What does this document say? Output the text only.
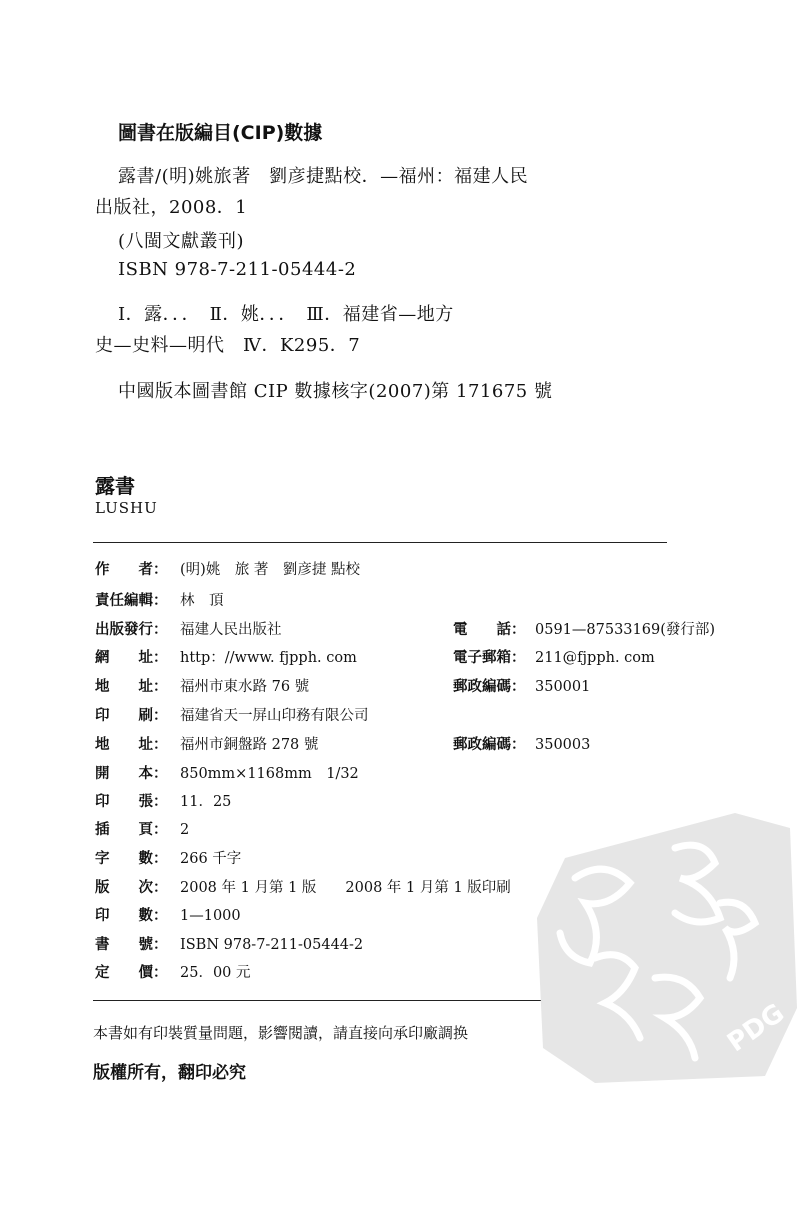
圖書在版編目(CIP)數據
露書/(明)姚旅著　劉彦捷點校．—福州：福建人民
出版社，2008．1
(八閩文獻叢刊)
ISBN 978-7-211-05444-2
Ⅰ．露．．．　Ⅱ．姚．．．　Ⅲ．福建省—地方
史—史料—明代　Ⅳ．K295．7
中國版本圖書館 CIP 數據核字(2007)第 171675 號
露書
LUSHU
作　　者： (明)姚　旅 著　劉彦捷 點校
責任編輯： 林　頂
出版發行： 福建人民出版社	電　　話： 0591—87533169(發行部)
網　　址： http：//www. fjpph. com	電子郵箱： 211@fjpph. com
地　　址： 福州市東水路 76 號	郵政編碼： 350001
印　　刷： 福建省天一屏山印務有限公司
地　　址： 福州市銅盤路 278 號	郵政編碼： 350003
開　　本： 850mm×1168mm　1/32
印　　張： 11．25
插　　頁： 2
字　　數： 266 千字
版　　次： 2008 年 1 月第 1 版　　2008 年 1 月第 1 版印刷
印　　數： 1—1000
書　　號： ISBN 978-7-211-05444-2
定　　價： 25．00 元
本書如有印裝質量問題，影響閱讀，請直接向承印廠調换
版權所有，翻印必究
PDG
